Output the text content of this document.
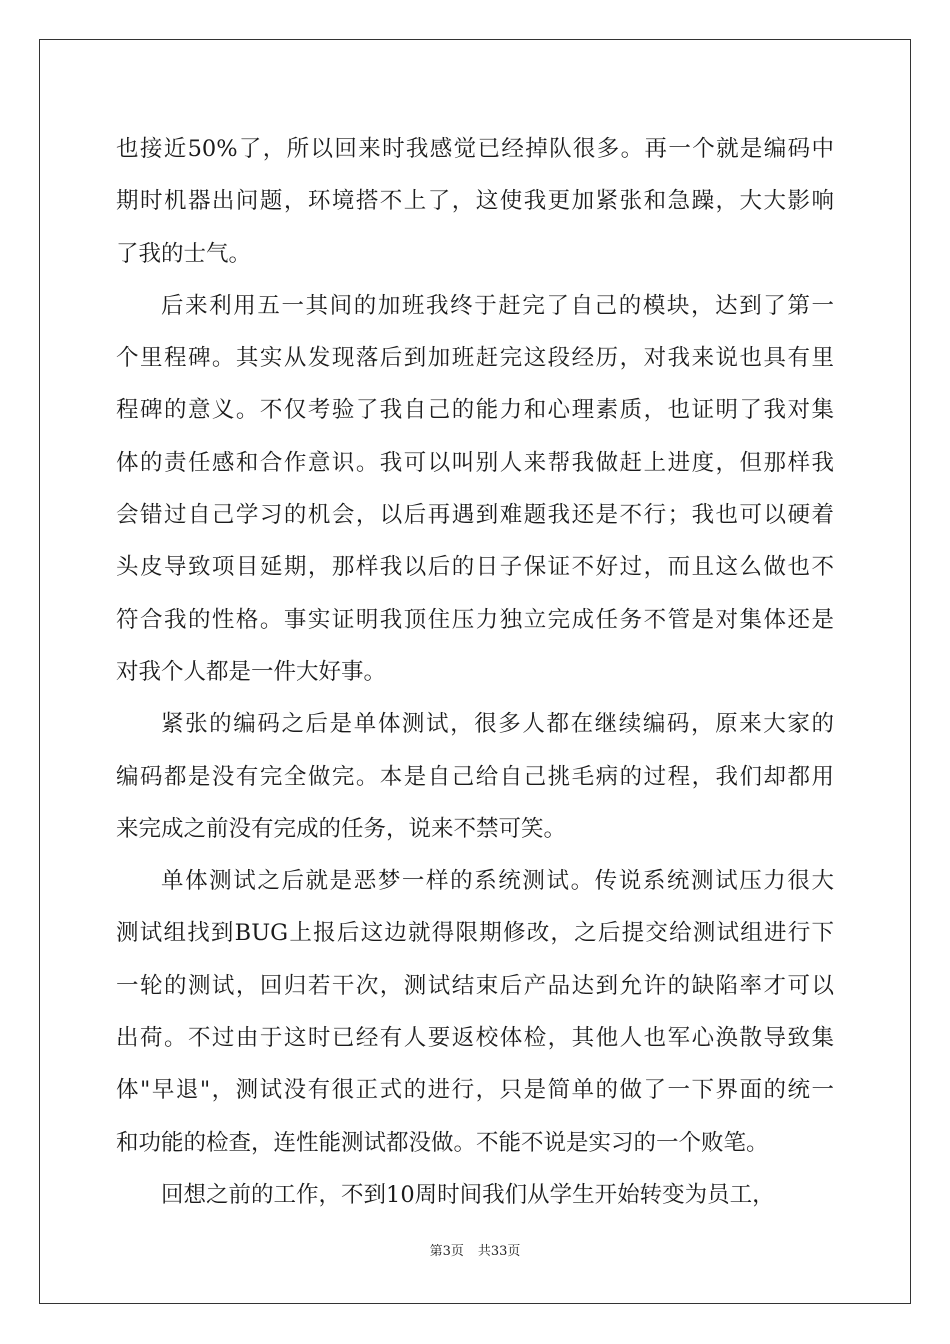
也接近50%了，所以回来时我感觉已经掉队很多。再一个就是编码中
期时机器出问题，环境搭不上了，这使我更加紧张和急躁，大大影响
了我的士气。
后来利用五一其间的加班我终于赶完了自己的模块，达到了第一
个里程碑。其实从发现落后到加班赶完这段经历，对我来说也具有里
程碑的意义。不仅考验了我自己的能力和心理素质，也证明了我对集
体的责任感和合作意识。我可以叫别人来帮我做赶上进度，但那样我
会错过自己学习的机会，以后再遇到难题我还是不行；我也可以硬着
头皮导致项目延期，那样我以后的日子保证不好过，而且这么做也不
符合我的性格。事实证明我顶住压力独立完成任务不管是对集体还是
对我个人都是一件大好事。
紧张的编码之后是单体测试，很多人都在继续编码，原来大家的
编码都是没有完全做完。本是自己给自己挑毛病的过程，我们却都用
来完成之前没有完成的任务，说来不禁可笑。
单体测试之后就是恶梦一样的系统测试。传说系统测试压力很大
测试组找到BUG上报后这边就得限期修改，之后提交给测试组进行下
一轮的测试，回归若干次，测试结束后产品达到允许的缺陷率才可以
出荷。不过由于这时已经有人要返校体检，其他人也军心涣散导致集
体"早退"，测试没有很正式的进行，只是简单的做了一下界面的统一
和功能的检查，连性能测试都没做。不能不说是实习的一个败笔。
回想之前的工作，不到10周时间我们从学生开始转变为员工，
第3页 共33页
